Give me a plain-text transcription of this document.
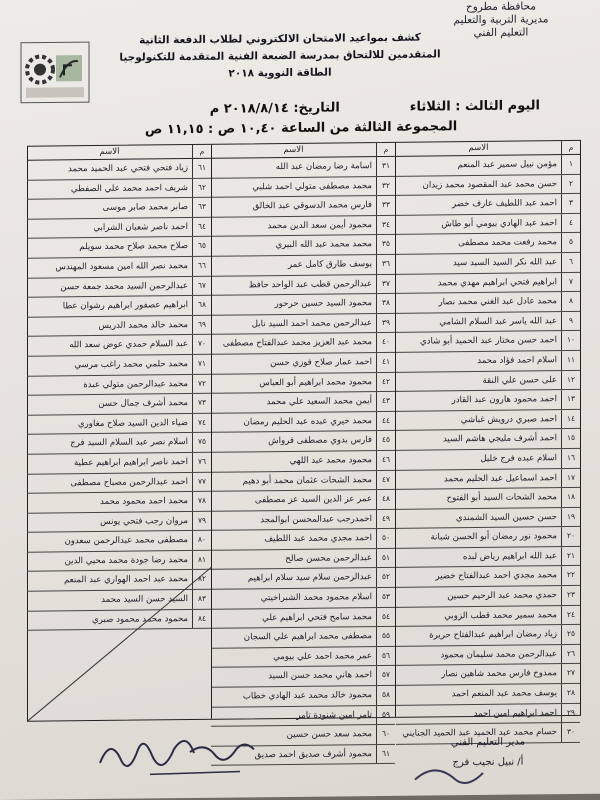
محافظة مطروح
مديرية التربية والتعليم
التعليم الفني
كشف بمواعيد الامتحان الالكتروني لطلاب الدفعة الثانية
المتقدمين للالتحاق بمدرسة الضبعة الفنية المتقدمة للتكنولوجيا
الطاقة النووية ٢٠١٨
اليوم الثالث : الثلاثاء
التاريخ: ٢٠١٨/٨/١٤ م
المجموعة الثالثة من الساعة ١٠,٤٠ ص : ١١,١٥ ص
م
الاسم
١
مؤمن نبيل سمير عبد المنعم
٢
حسن محمد عبد المقصود محمد زيدان
٣
احمد عبد اللطيف عارف خضر
٤
احمد عبد الهادي بيومي أبو طاش
٥
محمد رفعت محمد مصطفى
٦
عبد الله نكر السيد السيد سيد
٧
ابراهيم فتحي ابراهيم مهدي محمد
٨
محمد عادل عبد الغني محمد نصار
٩
عبد الله ياسر عبد السلام الشامي
١٠
احمد حسن مختار عبد الحميد أبو شادي
١١
اسلام احمد فؤاد محمد
١٢
على حسن علي النقة
١٣
احمد محمود هارون عبد القادر
١٤
احمد صبري درويش غباشي
١٥
احمد أشرف مليجي هاشم السيد
١٦
اسلام عبده فرج خليل
١٧
احمد اسماعيل عبد الحليم محمد
١٨
محمد الشحات السيد أبو الفتوح
١٩
حسن حسين السيد الشمندي
٢٠
محمود نور رمضان أبو الحسن شبانة
٢١
عبد الله ابراهيم رياض لبده
٢٢
محمد مجدي احمد عبدالفتاح خضير
٢٣
حمدي محمد عبد الرحيم حسين
٢٤
محمد سمير محمد قطب الزوبي
٢٥
زياد رمضان ابراهيم عبدالفتاح حريرة
٢٦
عبدالرحمن محمد سليمان محمود
٢٧
ممدوح فارس محمد شاهين نصار
٢٨
يوسف محمد عبد المنعم احمد
٢٩
احمد ابراهيم امين احمد
٣٠
حسام محمد عبد الحميد عبد الحميد الجنايني
م
الاسم
٣١
اسامة رضا رمضان عبد الله
٣٢
محمد مصطفى متولي احمد شلبي
٣٣
فارس محمد الدسوقي عبد الخالق
٣٤
محمود أيمن سعد الدين محمد
٣٥
محمد محمد عبد الله البيري
٣٦
يوسف طارق كامل عمر
٣٧
عبدالرحمن قطب عبد الواحد حافظ
٣٨
محمود السيد حسين حرحور
٣٩
عبدالرحمن محمد احمد السيد نابل
٤٠
محمد عبد العزيز محمد عبدالفتاح مصطفى
٤١
احمد عمار صلاح فوزي حسن
٤٢
محمود محمد ابراهيم أبو العباس
٤٣
أيمن محمد السعيد علي محمد
٤٤
محمد خيري عبده عبد الحليم رمضان
٤٥
فارس بدوي مصطفى قرواش
٤٦
محمود محمد عبد اللهي
٤٧
محمد الشحات عثمان محمد أبو دهيم
٤٨
عمر عز الدين السيد عز مصطفى
٤٩
احمدرجب عبدالمحسن ابوالمجد
٥٠
احمد مجدي محمد عبد اللطيف
٥١
عبدالرحمن محسن صالح
٥٢
عبدالرحمن سلام سيد سلام ابراهيم
٥٣
اسلام محمود محمد الشبراخيتي
٥٤
محمد سامح فتحي ابراهيم علي
٥٥
مصطفى محمد ابراهيم علي السجان
٥٦
عمر محمد احمد علي بيومي
٥٧
احمد هاني محمد حسن السيد
٥٨
محمود خالد محمد عبد الهادي خطاب
٥٩
تامر امين شنودة تامر
٦٠
محمد سعد حسن حسين
٦١
محمود أشرف صديق احمد صديق
م
الاسم
٦١
زياد فتحي فتحي عبد الحميد محمد
٦٢
شريف احمد محمد علي الصفطي
٦٣
صابر محمد صابر موسى
٦٤
احمد ناصر شعبان الشرابي
٦٥
صلاح محمد صلاح محمد سويلم
٦٦
محمد نصر الله امين مسعود المهندس
٦٧
عبدالرحمن السيد محمد جمعة حسن
٦٨
ابراهيم عصفور ابراهيم رشوان عطا
٦٩
محمد خالد محمد الدريس
٧٠
عبد السلام حمدي عوض سعد الله
٧١
محمد حلمي محمد راغب مرسي
٧٢
محمد عبدالرحمن متولي عبدة
٧٣
محمد أشرف جمال حسن
٧٤
ضياء الدين السيد صلاح مغاوري
٧٥
اسلام نصر عبد السلام السيد فرج
٧٦
احمد ناصر ابراهيم ابراهيم عطية
٧٧
احمد عبدالرحمن مصباح مصطفى
٧٨
محمد احمد محمود محمد
٧٩
مروان رجب فتحي يونس
٨٠
مصطفى محمد عبدالرحمن سعدون
٨١
محمد رضا جودة محمد محيي الدين
٨٢
محمد عبد احمد الهواري عبد المنعم
٨٣
السيد حسن السيد محمد
٨٤
محمود محمد محمود صبري
مدير التعليم الفني
أ/ نبيل نجيب فرج
